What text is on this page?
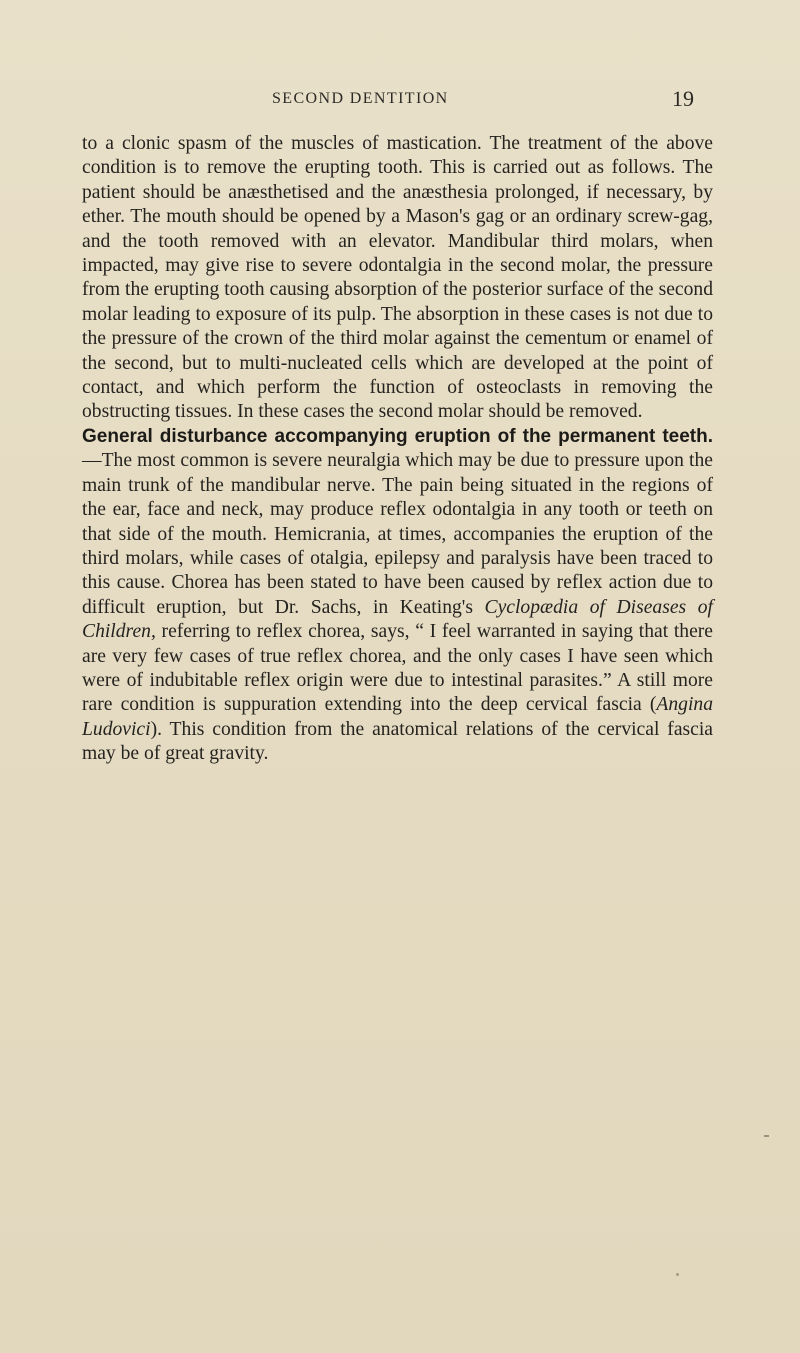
SECOND DENTITION	19

to a clonic spasm of the muscles of mastication. The treatment of the above condition is to remove the erupting tooth. This is carried out as follows. The patient should be anæsthetised and the anæsthesia prolonged, if necessary, by ether. The mouth should be opened by a Mason's gag or an ordinary screw-gag, and the tooth removed with an elevator. Mandibular third molars, when impacted, may give rise to severe odontalgia in the second molar, the pressure from the erupting tooth causing absorption of the posterior surface of the second molar leading to exposure of its pulp. The absorption in these cases is not due to the pressure of the crown of the third molar against the cementum or enamel of the second, but to multi-nucleated cells which are developed at the point of contact, and which perform the function of osteoclasts in removing the obstructing tissues. In these cases the second molar should be removed.

General disturbance accompanying eruption of the permanent teeth.—The most common is severe neuralgia which may be due to pressure upon the main trunk of the mandibular nerve. The pain being situated in the regions of the ear, face and neck, may produce reflex odontalgia in any tooth or teeth on that side of the mouth. Hemicrania, at times, accompanies the eruption of the third molars, while cases of otalgia, epilepsy and paralysis have been traced to this cause. Chorea has been stated to have been caused by reflex action due to difficult eruption, but Dr. Sachs, in Keating's Cyclopædia of Diseases of Children, referring to reflex chorea, says, “ I feel warranted in saying that there are very few cases of true reflex chorea, and the only cases I have seen which were of indubitable reflex origin were due to intestinal parasites.” A still more rare condition is suppuration extending into the deep cervical fascia (Angina Ludovici). This condition from the anatomical relations of the cervical fascia may be of great gravity.
